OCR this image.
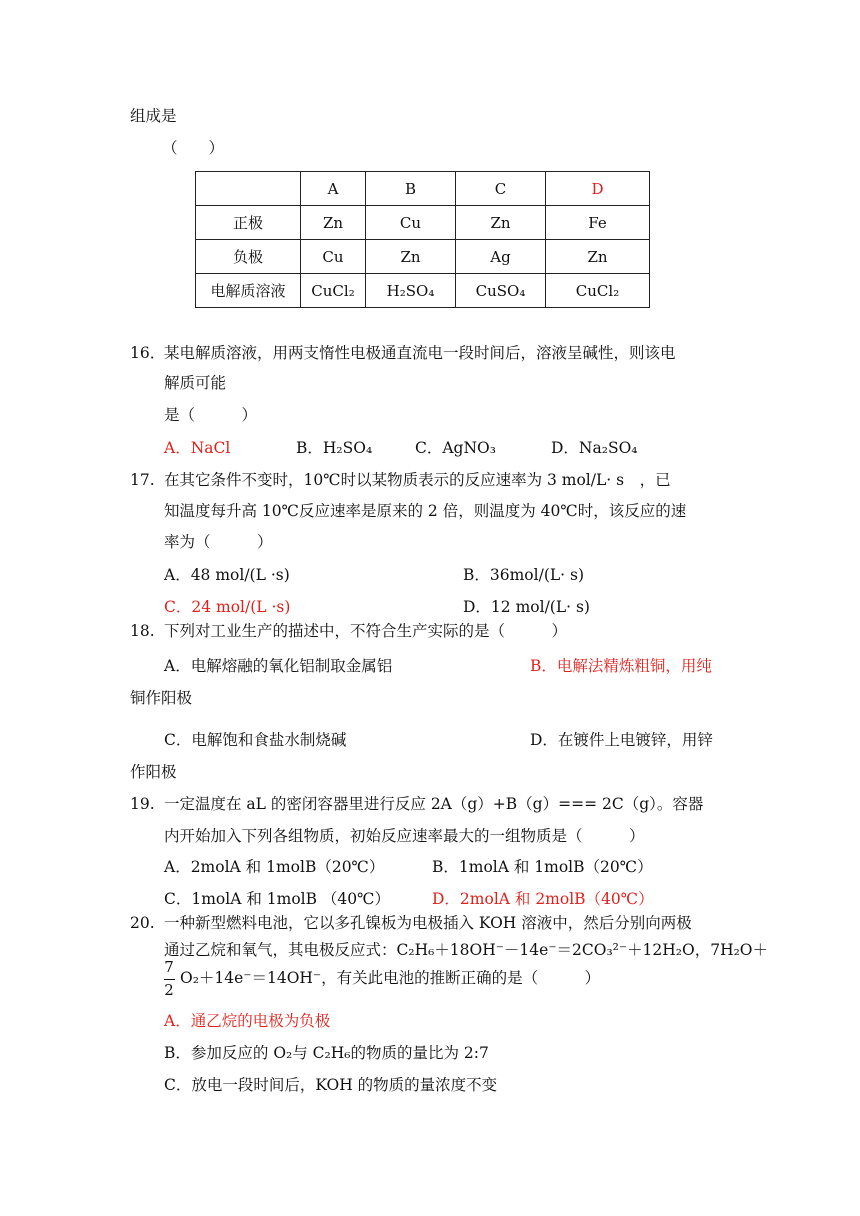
组成是
（　　）
	A	B	C	D
正极	Zn	Cu	Zn	Fe
负极	Cu	Zn	Ag	Zn
电解质溶液	CuCl₂	H₂SO₄	CuSO₄	CuCl₂
16．
某电解质溶液，用两支惰性电极通直流电一段时间后，溶液呈碱性，则该电
解质可能
是（　　　）
A．NaCl	B．H₂SO₄	C．AgNO₃	D．Na₂SO₄
17. 在其它条件不变时，10℃时以某物质表示的反应速率为 3 mol/L· s　，已
知温度每升高 10℃反应速率是原来的 2 倍，则温度为 40℃时，该反应的速
率为（　　　）
A．48 mol/(L ·s)	B．36mol/(L· s)
C．24 mol/(L ·s)	D．12 mol/(L· s)
18. 下列对工业生产的描述中，不符合生产实际的是（　　　）
A．电解熔融的氧化铝制取金属铝	B．电解法精炼粗铜，用纯
铜作阳极
C．电解饱和食盐水制烧碱	D．在镀件上电镀锌，用锌
作阳极
19. 一定温度在 aL 的密闭容器里进行反应 2A（g）+B（g）=== 2C（g）。容器
内开始加入下列各组物质，初始反应速率最大的一组物质是（　　　）
A．2molA 和 1molB（20℃）	B．1molA 和 1molB（20℃）
C．1molA 和 1molB （40℃）	D．2molA 和 2molB（40℃）
20. 一种新型燃料电池，它以多孔镍板为电极插入 KOH 溶液中，然后分别向两极
通过乙烷和氧气，其电极反应式：C₂H₆＋18OH⁻－14e⁻＝2CO₃²⁻＋12H₂O，7H₂O＋
7
2
O₂＋14e⁻＝14OH⁻，有关此电池的推断正确的是（　　　）
A．通乙烷的电极为负极
B．参加反应的 O₂与 C₂H₆的物质的量比为 2:7
C．放电一段时间后，KOH 的物质的量浓度不变
